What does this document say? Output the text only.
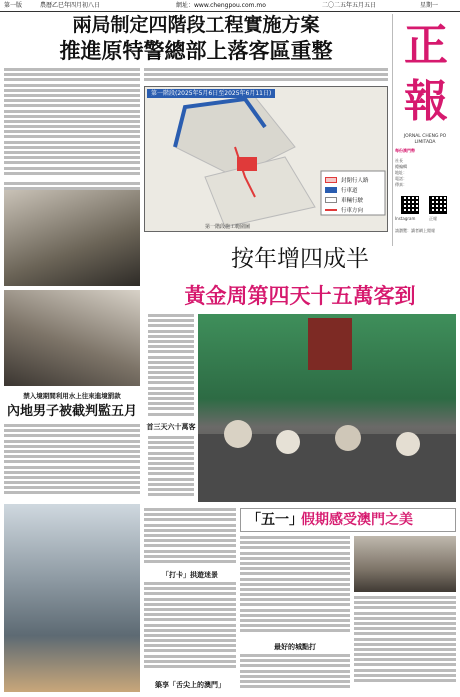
第一版	農曆乙巳年四月初八日	網址：www.chengpou.com.mo	二〇二五年五月五日	星期一
兩局制定四階段工程實施方案
推進原特警總部上落客區重整	正
報
JORNAL CHENG PO LIMITADA
每份澳門幣
社長
總編輯
地址：
電話：
傳真：
Instagram	正報
請瀏覽：讀者網上閱報
第一階段(2025年5月6日至2025年6月11日)
封閉行人路
行車道
車輛行駛
行車方向
第一階段施工範圍圖
禁入境期間利用水上往來進境罰款
內地男子被截判監五月
按年增四成半
黃金周第四天十五萬客到
首三天六十萬客
「五一」
假期感受澳門之美
「打卡」拱遊迷景
築享「舌尖上的澳門」
最好的城點打
